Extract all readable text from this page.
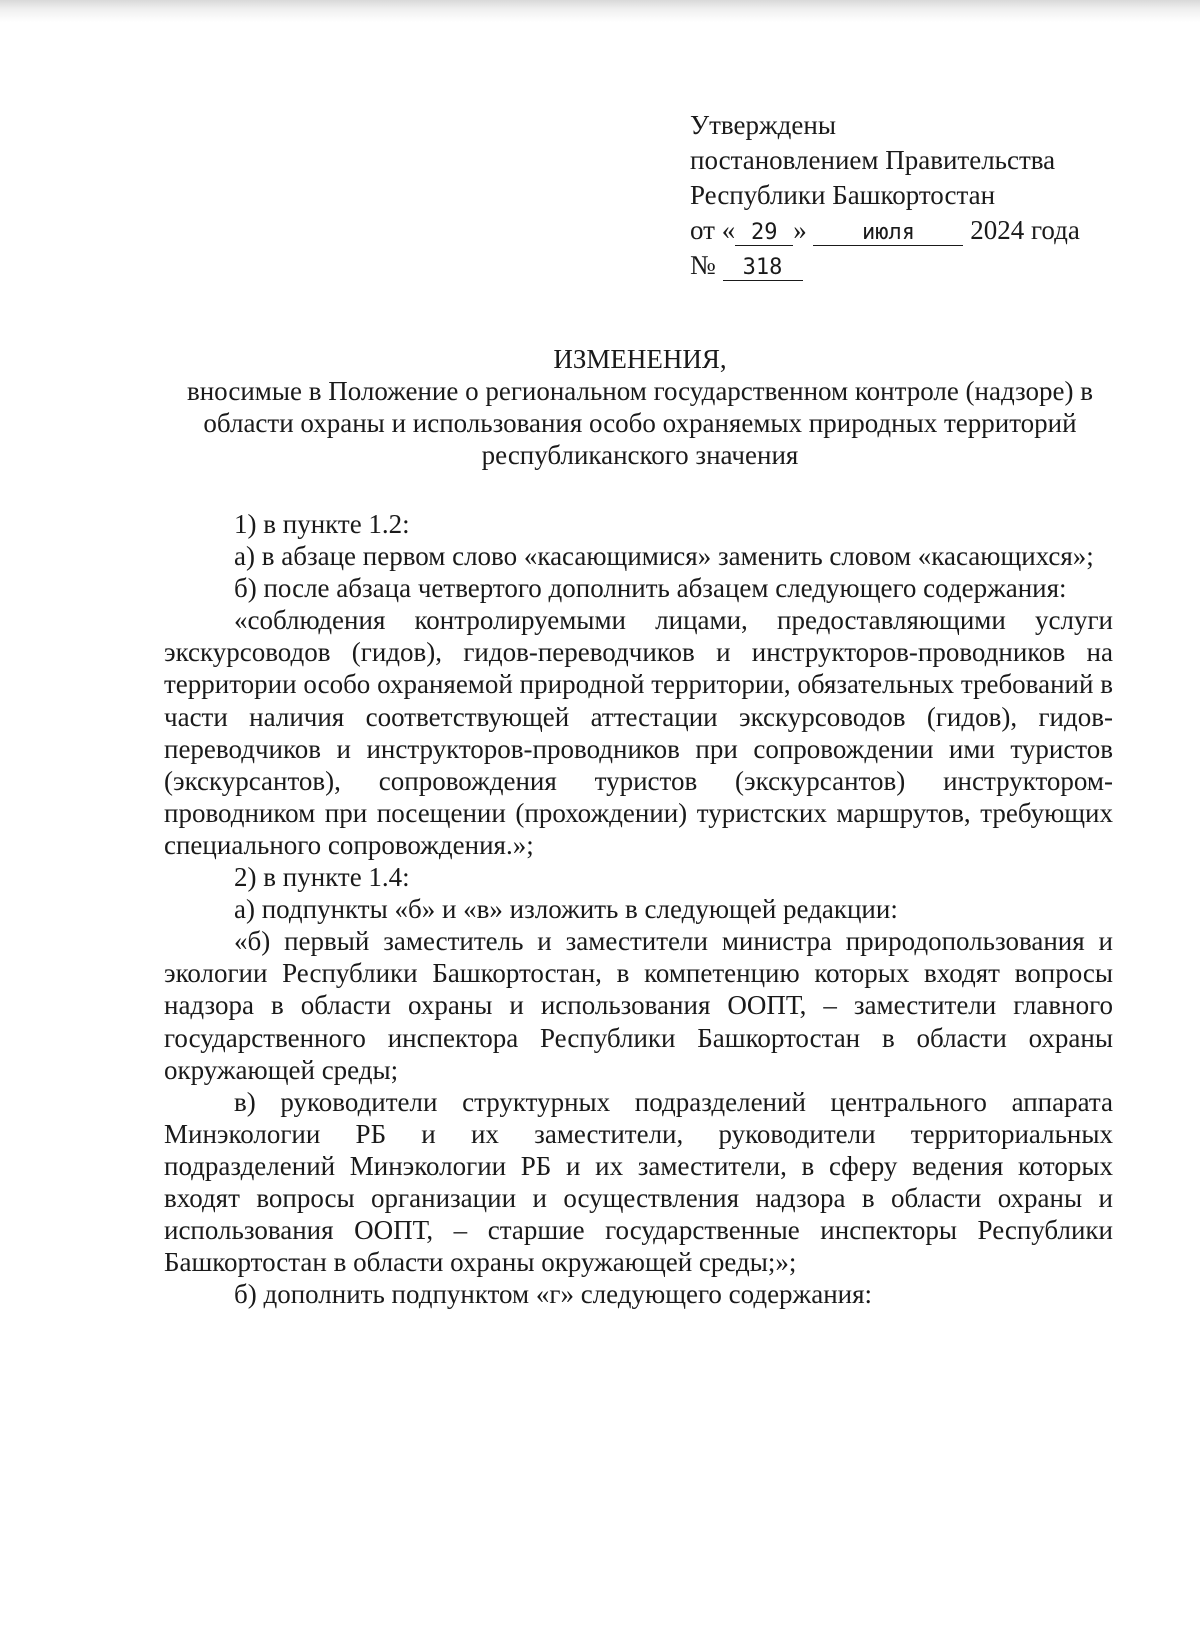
Утверждены
постановлением Правительства
Республики Башкортостан
от « 29 »	июля 2024 года
№ 318
ИЗМЕНЕНИЯ,
вносимые в Положение о региональном государственном контроле (надзоре) в области охраны и использования особо охраняемых природных территорий республиканского значения

1) в пункте 1.2:

а) в абзаце первом слово «касающимися» заменить словом «касающихся»;

б) после абзаца четвертого дополнить абзацем следующего содержания:

«соблюдения контролируемыми лицами, предоставляющими услуги экскурсоводов (гидов), гидов-переводчиков и инструкторов-проводников на территории особо охраняемой природной территории, обязательных требований в части наличия соответствующей аттестации экскурсоводов (гидов), гидов-переводчиков и инструкторов-проводников при сопровождении ими туристов (экскурсантов), сопровождения туристов (экскурсантов) инструктором-проводником при посещении (прохождении) туристских маршрутов, требующих специального сопровождения.»;

2) в пункте 1.4:

а) подпункты «б» и «в» изложить в следующей редакции:

«б) первый заместитель и заместители министра природопользования и экологии Республики Башкортостан, в компетенцию которых входят вопросы надзора в области охраны и использования ООПТ, – заместители главного государственного инспектора Республики Башкортостан в области охраны окружающей среды;

в) руководители структурных подразделений центрального аппарата Минэкологии РБ и их заместители, руководители территориальных подразделений Минэкологии РБ и их заместители, в сферу ведения которых входят вопросы организации и осуществления надзора в области охраны и использования ООПТ, – старшие государственные инспекторы Республики Башкортостан в области охраны окружающей среды;»;

б) дополнить подпунктом «г» следующего содержания:
